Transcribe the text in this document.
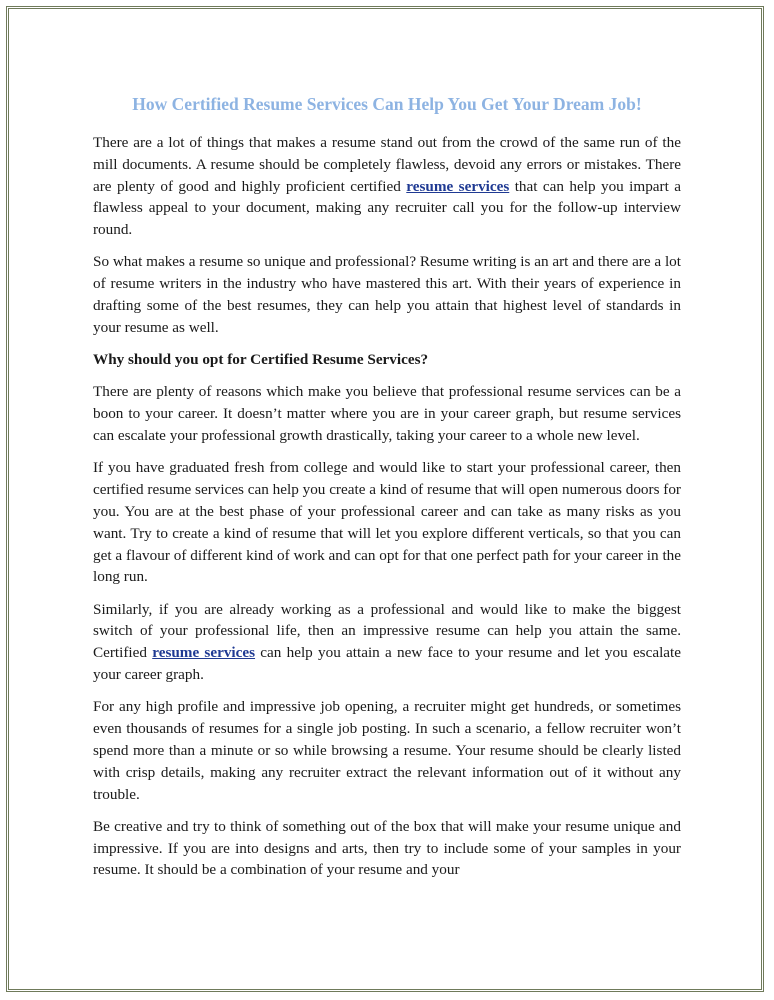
How Certified Resume Services Can Help You Get Your Dream Job!

There are a lot of things that makes a resume stand out from the crowd of the same run of the mill documents. A resume should be completely flawless, devoid any errors or mistakes. There are plenty of good and highly proficient certified resume services that can help you impart a flawless appeal to your document, making any recruiter call you for the follow-up interview round.

So what makes a resume so unique and professional? Resume writing is an art and there are a lot of resume writers in the industry who have mastered this art. With their years of experience in drafting some of the best resumes, they can help you attain that highest level of standards in your resume as well.

Why should you opt for Certified Resume Services?

There are plenty of reasons which make you believe that professional resume services can be a boon to your career. It doesn’t matter where you are in your career graph, but resume services can escalate your professional growth drastically, taking your career to a whole new level.

If you have graduated fresh from college and would like to start your professional career, then certified resume services can help you create a kind of resume that will open numerous doors for you. You are at the best phase of your professional career and can take as many risks as you want. Try to create a kind of resume that will let you explore different verticals, so that you can get a flavour of different kind of work and can opt for that one perfect path for your career in the long run.

Similarly, if you are already working as a professional and would like to make the biggest switch of your professional life, then an impressive resume can help you attain the same. Certified resume services can help you attain a new face to your resume and let you escalate your career graph.

For any high profile and impressive job opening, a recruiter might get hundreds, or sometimes even thousands of resumes for a single job posting. In such a scenario, a fellow recruiter won’t spend more than a minute or so while browsing a resume. Your resume should be clearly listed with crisp details, making any recruiter extract the relevant information out of it without any trouble.

Be creative and try to think of something out of the box that will make your resume unique and impressive. If you are into designs and arts, then try to include some of your samples in your resume. It should be a combination of your resume and your
